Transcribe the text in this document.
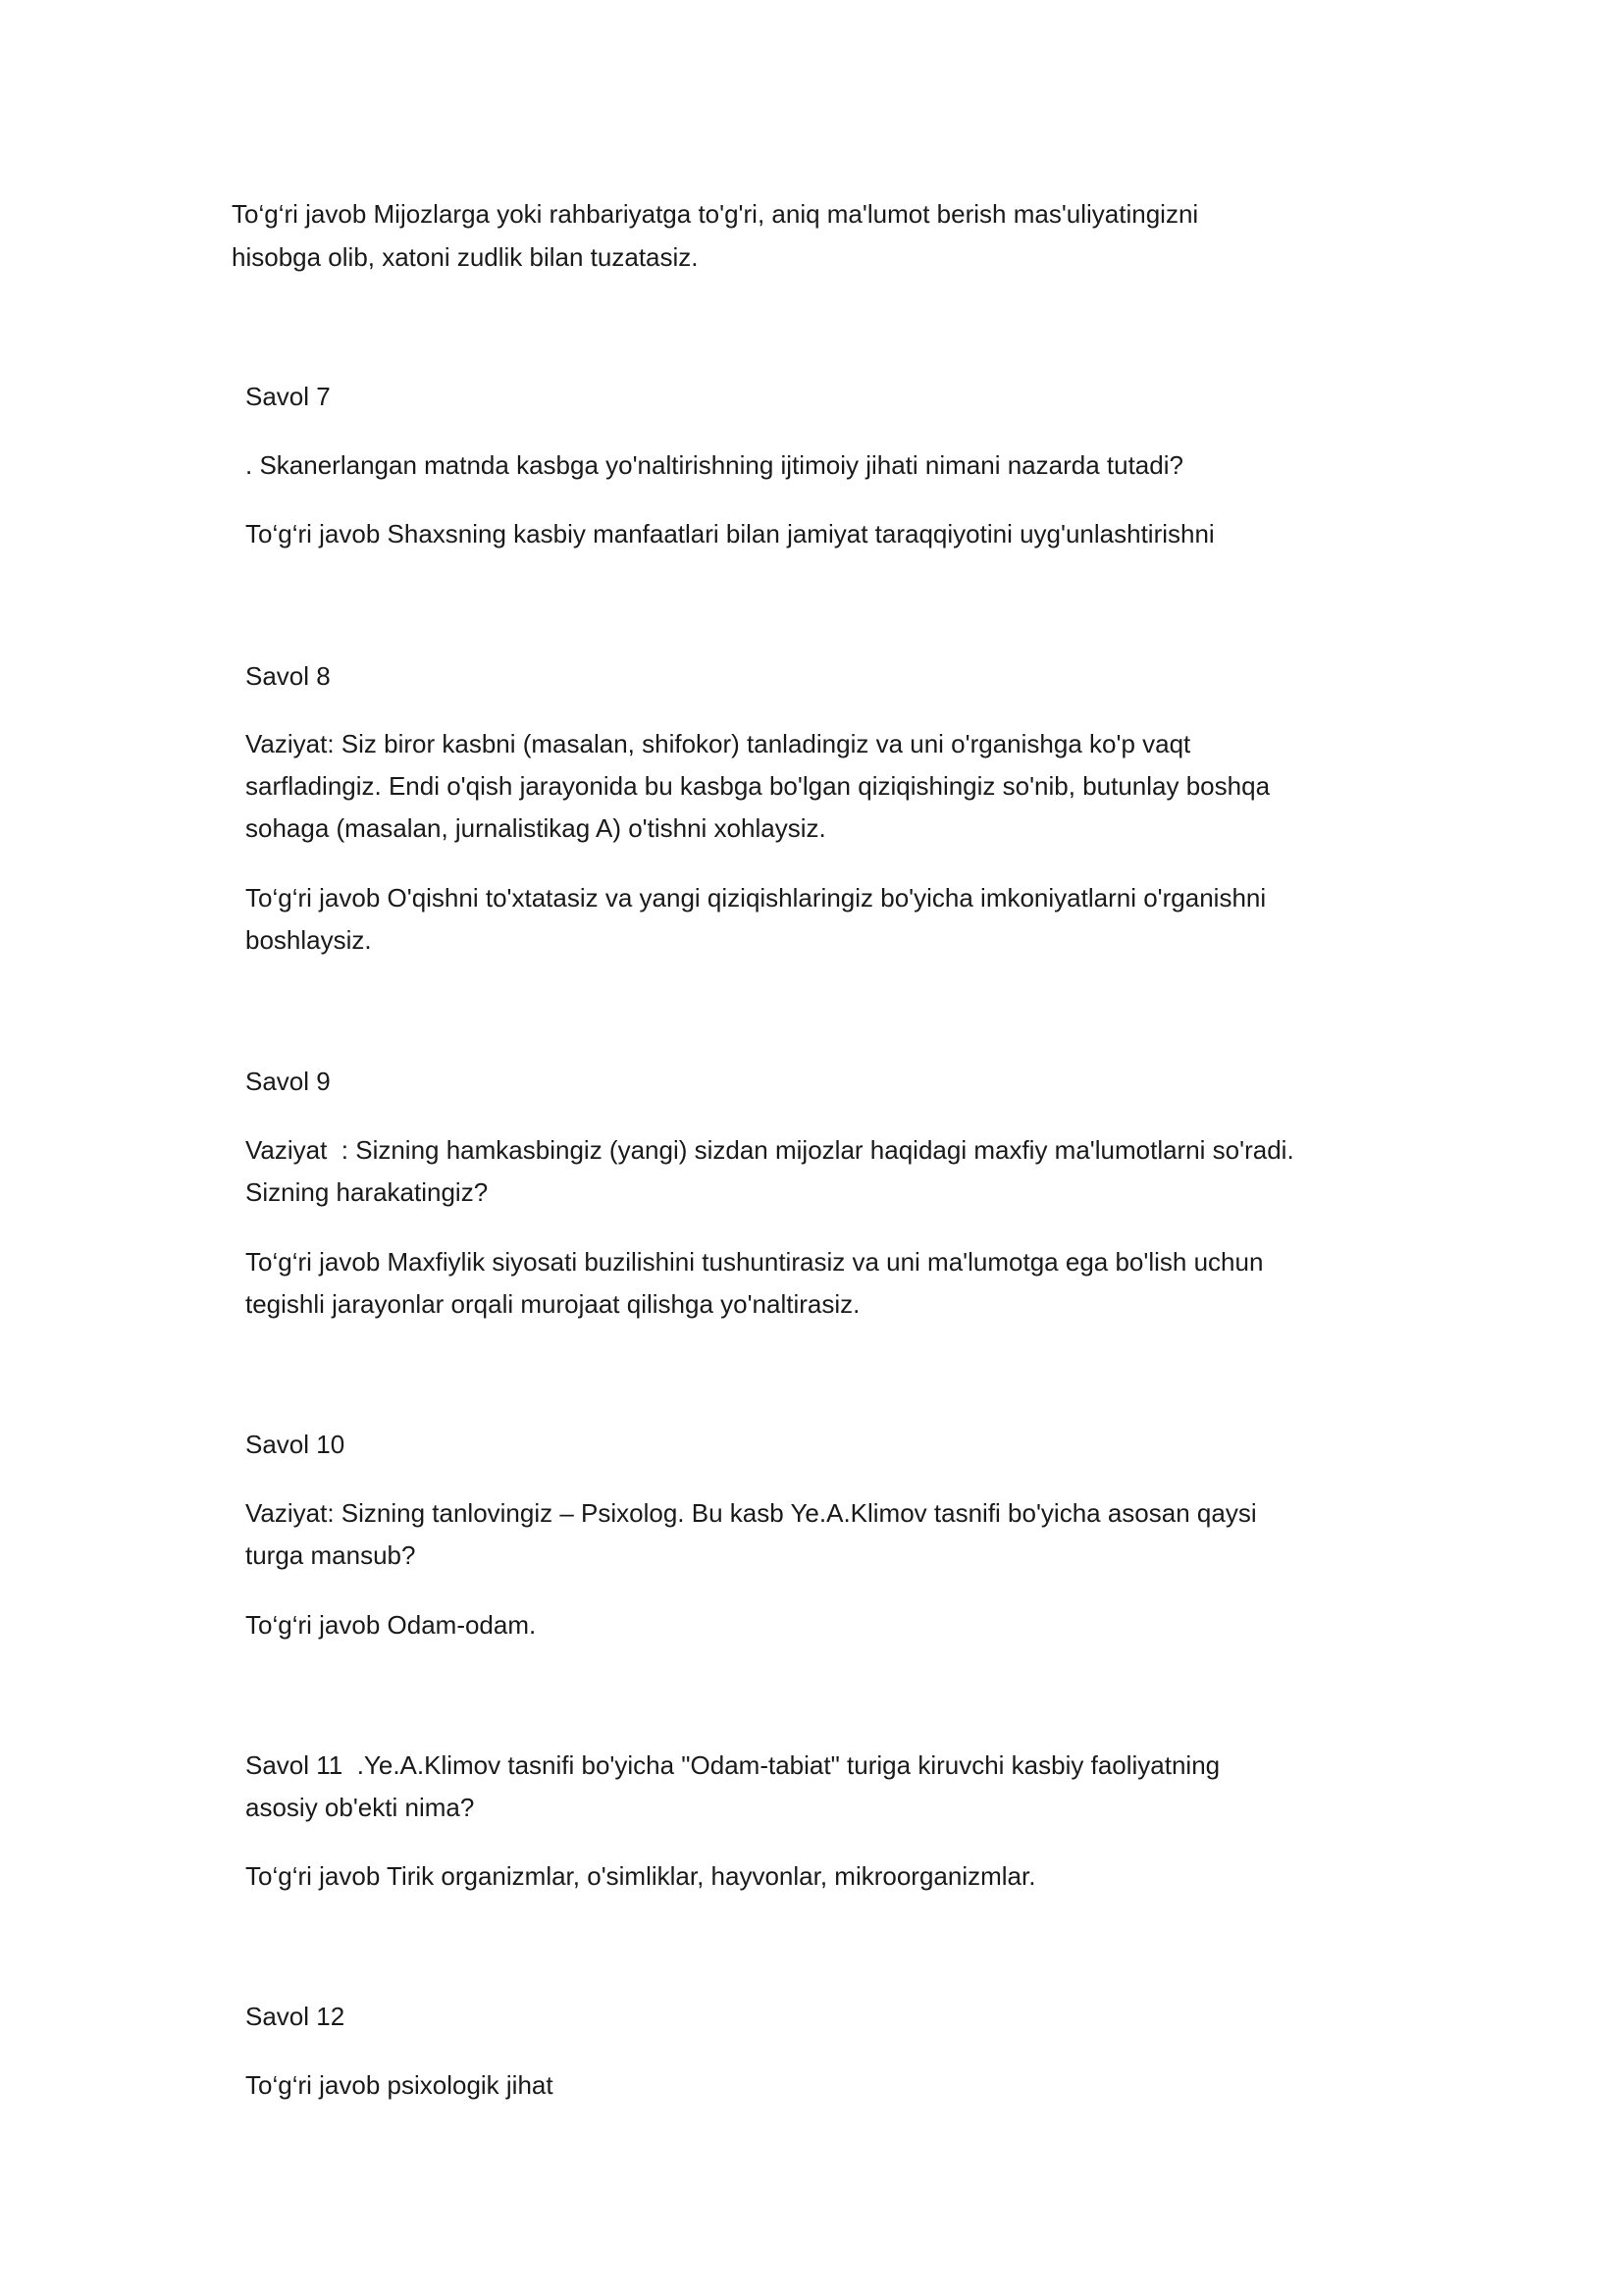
To‘g‘ri javob Mijozlarga yoki rahbariyatga to'g'ri, aniq ma'lumot berish mas'uliyatingizni

hisobga olib, xatoni zudlik bilan tuzatasiz.

Savol 7

. Skanerlangan matnda kasbga yo'naltirishning ijtimoiy jihati nimani nazarda tutadi?

To‘g‘ri javob Shaxsning kasbiy manfaatlari bilan jamiyat taraqqiyotini uyg'unlashtirishni

Savol 8

Vaziyat: Siz biror kasbni (masalan, shifokor) tanladingiz va uni o'rganishga ko'p vaqt

sarfladingiz. Endi o'qish jarayonida bu kasbga bo'lgan qiziqishingiz so'nib, butunlay boshqa

sohaga (masalan, jurnalistikag A) o'tishni xohlaysiz.

To‘g‘ri javob O'qishni to'xtatasiz va yangi qiziqishlaringiz bo'yicha imkoniyatlarni o'rganishni

boshlaysiz.

Savol 9

Vaziyat  : Sizning hamkasbingiz (yangi) sizdan mijozlar haqidagi maxfiy ma'lumotlarni so'radi.

Sizning harakatingiz?

To‘g‘ri javob Maxfiylik siyosati buzilishini tushuntirasiz va uni ma'lumotga ega bo'lish uchun

tegishli jarayonlar orqali murojaat qilishga yo'naltirasiz.

Savol 10

Vaziyat: Sizning tanlovingiz – Psixolog. Bu kasb Ye.A.Klimov tasnifi bo'yicha asosan qaysi

turga mansub?

To‘g‘ri javob Odam-odam.

Savol 11  .Ye.A.Klimov tasnifi bo'yicha "Odam-tabiat" turiga kiruvchi kasbiy faoliyatning

asosiy ob'ekti nima?

To‘g‘ri javob Tirik organizmlar, o'simliklar, hayvonlar, mikroorganizmlar.

Savol 12

To‘g‘ri javob psixologik jihat
